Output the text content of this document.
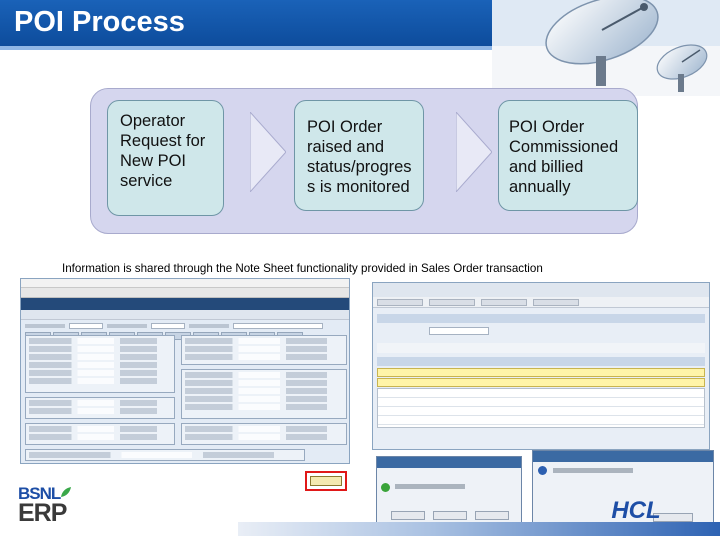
POI Process
Operator Request for New POI service
POI Order raised and status/progres s is monitored
POI Order Commissioned and billied annually
Information is shared through the Note Sheet functionality provided in Sales Order transaction
BSNL
ERP	HCL
